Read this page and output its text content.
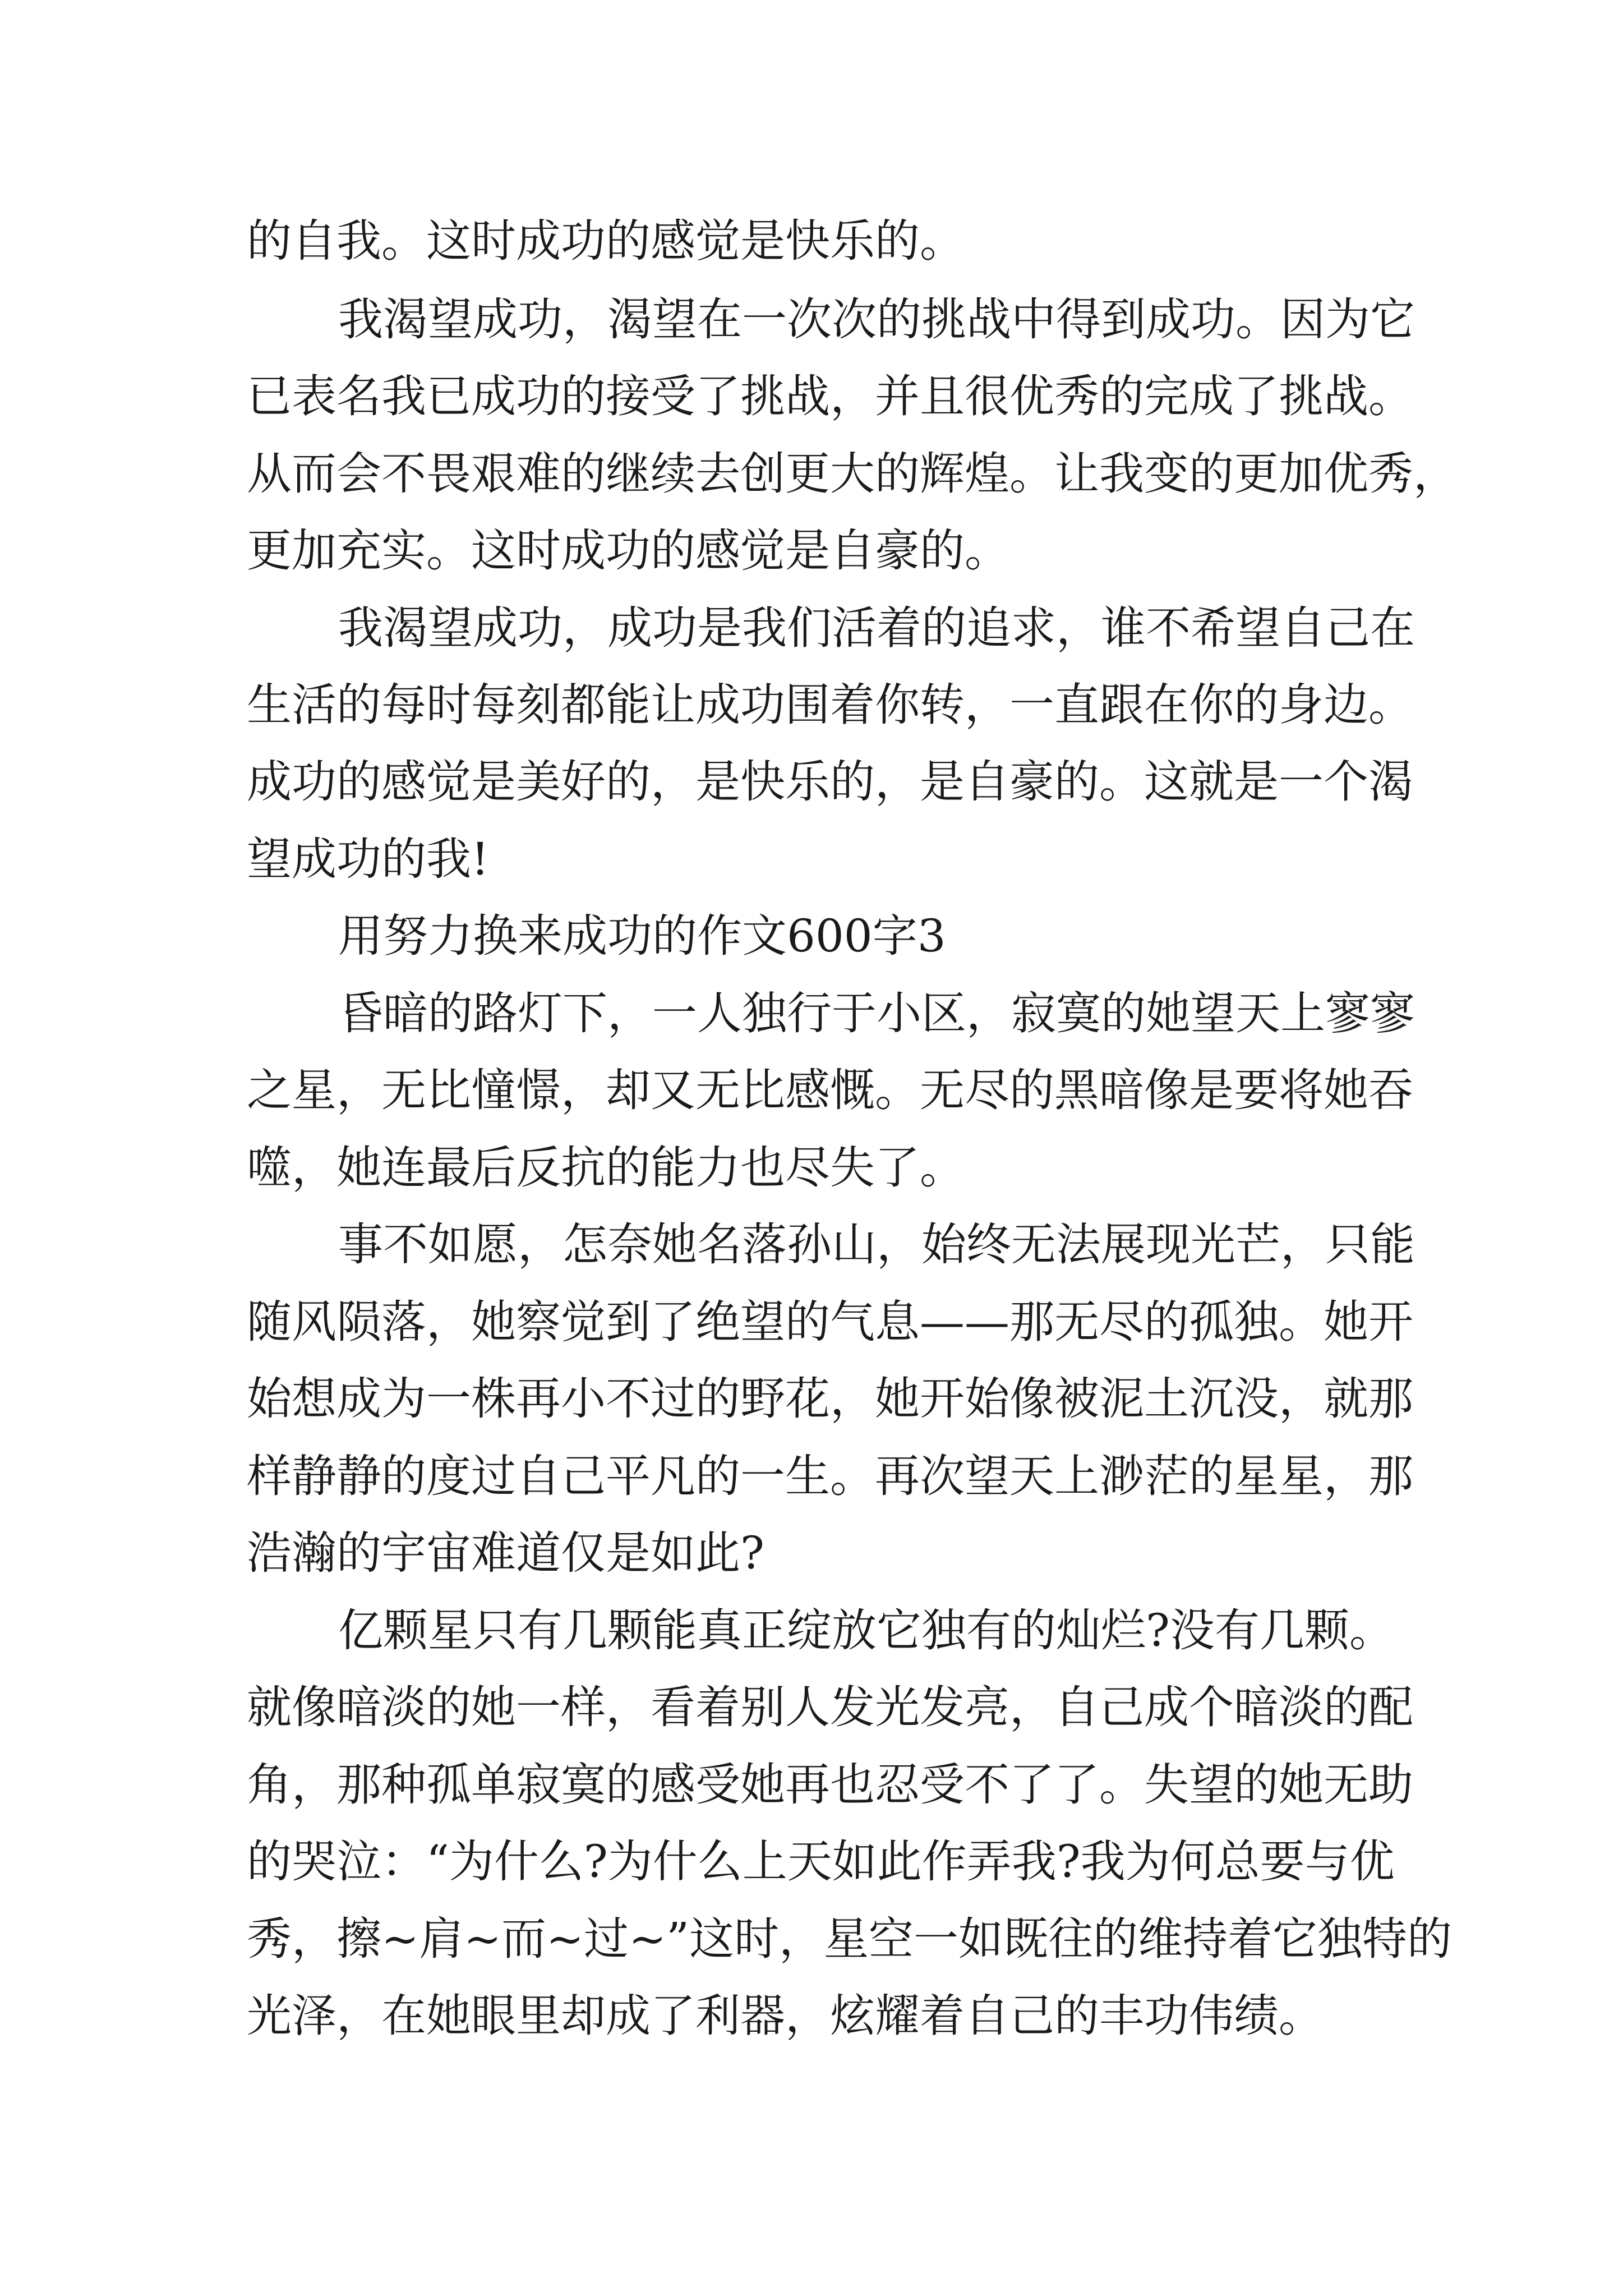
的自我。这时成功的感觉是快乐的。
我渴望成功，渴望在一次次的挑战中得到成功。因为它
已表名我已成功的接受了挑战，并且很优秀的完成了挑战。
从而会不畏艰难的继续去创更大的辉煌。让我变的更加优秀，
更加充实。这时成功的感觉是自豪的。
我渴望成功，成功是我们活着的追求，谁不希望自己在
生活的每时每刻都能让成功围着你转，一直跟在你的身边。
成功的感觉是美好的，是快乐的，是自豪的。这就是一个渴
望成功的我!
用努力换来成功的作文600字3
昏暗的路灯下，一人独行于小区，寂寞的她望天上寥寥
之星，无比憧憬，却又无比感慨。无尽的黑暗像是要将她吞
噬，她连最后反抗的能力也尽失了。
事不如愿，怎奈她名落孙山，始终无法展现光芒，只能
随风陨落，她察觉到了绝望的气息——那无尽的孤独。她开
始想成为一株再小不过的野花，她开始像被泥土沉没，就那
样静静的度过自己平凡的一生。再次望天上渺茫的星星，那
浩瀚的宇宙难道仅是如此?
亿颗星只有几颗能真正绽放它独有的灿烂?没有几颗。
就像暗淡的她一样，看着别人发光发亮，自己成个暗淡的配
角，那种孤单寂寞的感受她再也忍受不了了。失望的她无助
的哭泣：“为什么?为什么上天如此作弄我?我为何总要与优
秀，擦~肩~而~过~”这时，星空一如既往的维持着它独特的
光泽，在她眼里却成了利器，炫耀着自己的丰功伟绩。
